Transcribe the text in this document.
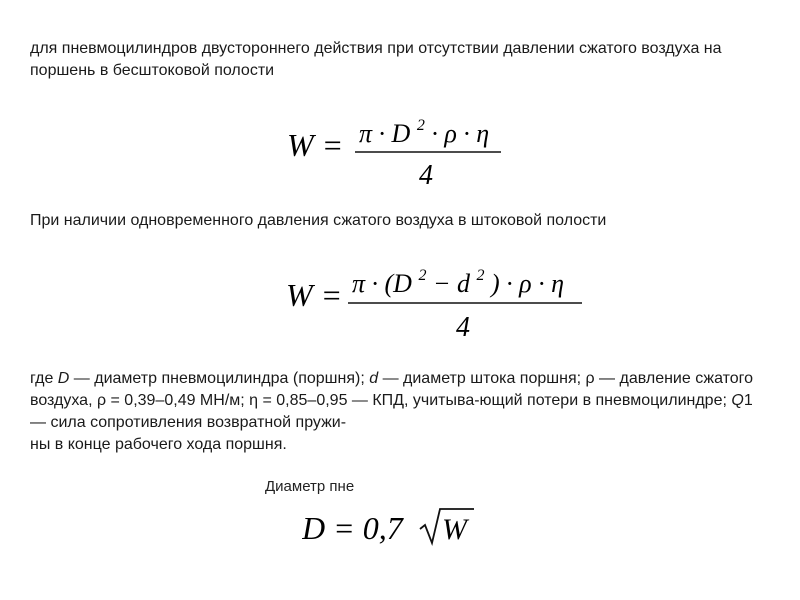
для пневмоцилиндров двустороннего действия при отсутствии давлении сжатого воздуха на поршень в бесштоковой полости
W = π · D $^2$ · ρ · η
4
При наличии одновременного давления сжатого воздуха в штоковой полости
W = π · (D $^2$ − d $^2$ ) · ρ · η
4
где D — диаметр пневмоцилиндра (поршня); d — диаметр штока поршня; ρ — давление сжатого воздуха, ρ = 0,39–0,49 МН/м; η = 0,85–0,95 — КПД, учитыва-ющий потери в пневмоцилиндре; Q1 — сила сопротивления возвратной пружи-
ны в конце рабочего хода поршня.
Диаметр пне
D = 0,7 W
